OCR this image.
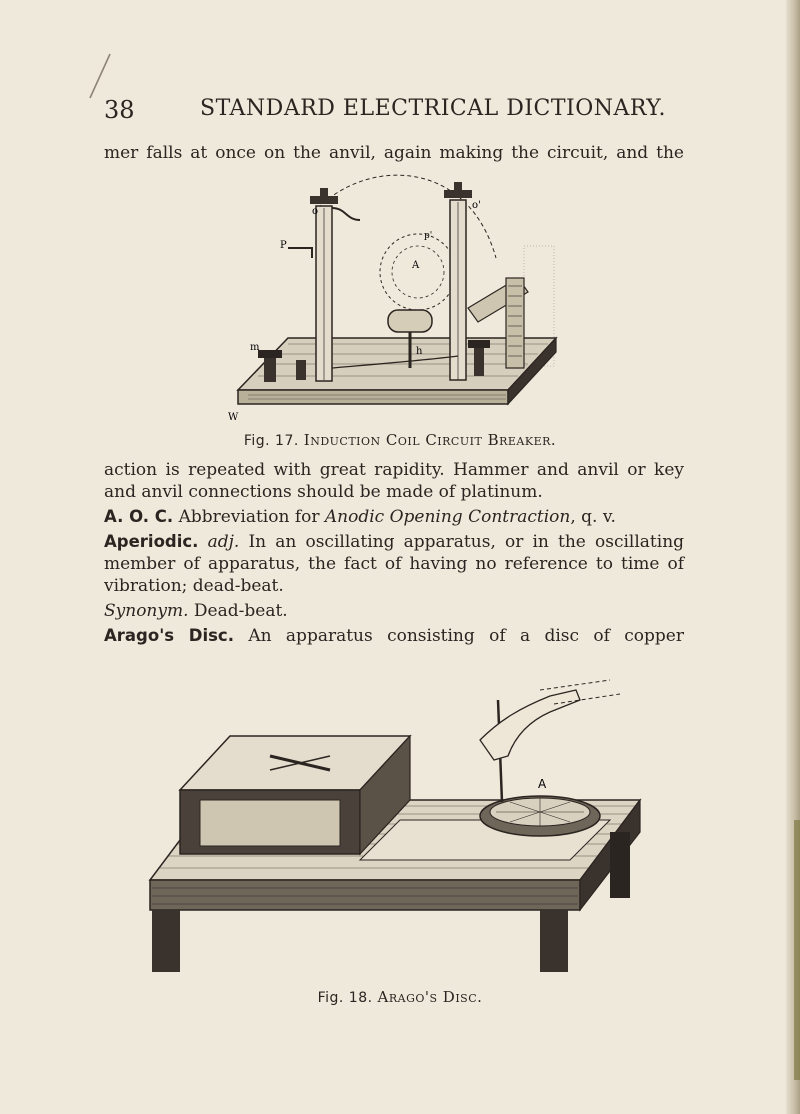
38	STANDARD ELECTRICAL DICTIONARY.
mer falls at once on the anvil, again making the circuit, and the
o
o'
P
p'
A
h
m
W
Fig. 17. Induction Coil Circuit Breaker.
action is repeated with great rapidity. Hammer and anvil or key
and anvil connections should be made of platinum.
A. O. C. Abbreviation for Anodic Opening Contraction, q. v.
Aperiodic. adj. In an oscillating apparatus, or in the oscillating
member of apparatus, the fact of having no reference to time of
vibration; dead-beat.
Synonym. Dead-beat.
Arago's Disc. An apparatus consisting of a disc of copper
A
Fig. 18. Arago's Disc.
